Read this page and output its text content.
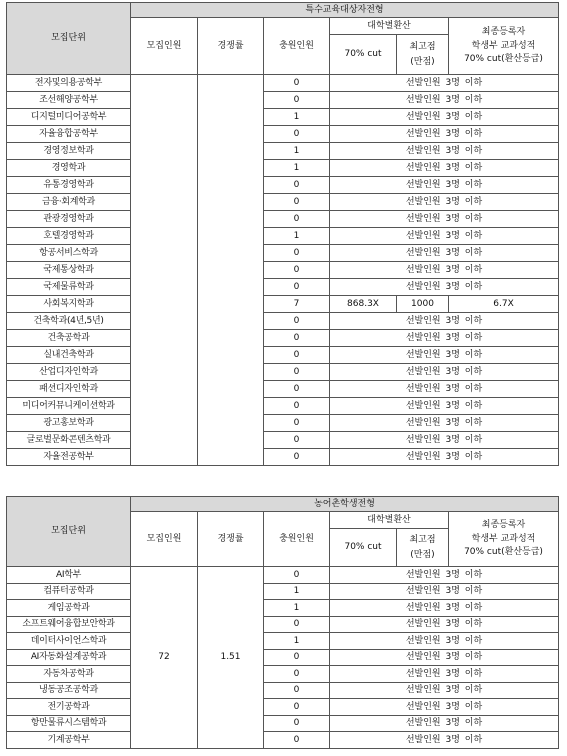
모집단위	특수교육대상자전형					
	모집인원	경쟁률	충원인원	대학별환산		최종등록자
학생부 교과성적
70% cut(환산등급)

				70% cut	최고점
(만점)	

전자및의용공학부			0	선발인원 3명 이하		
조선해양공학부			0	선발인원 3명 이하		
디지털미디어공학부			1	선발인원 3명 이하		
자율융합공학부			0	선발인원 3명 이하		
경영정보학과			1	선발인원 3명 이하		
경영학과			1	선발인원 3명 이하		
유통경영학과			0	선발인원 3명 이하		
금융·회계학과			0	선발인원 3명 이하		
관광경영학과			0	선발인원 3명 이하		
호텔경영학과			1	선발인원 3명 이하		
항공서비스학과			0	선발인원 3명 이하		
국제통상학과			0	선발인원 3명 이하		
국제물류학과			0	선발인원 3명 이하		
사회복지학과			7	868.3X	1000	6.7X
건축학과(4년,5년)			0	선발인원 3명 이하		
건축공학과			0	선발인원 3명 이하		
실내건축학과			0	선발인원 3명 이하		
산업디자인학과			0	선발인원 3명 이하		
패션디자인학과			0	선발인원 3명 이하		
미디어커뮤니케이션학과			0	선발인원 3명 이하		
광고홍보학과			0	선발인원 3명 이하		
글로벌문화콘텐츠학과			0	선발인원 3명 이하		
자율전공학부			0	선발인원 3명 이하		
모집단위	농어촌학생전형					
	모집인원	경쟁률	충원인원	대학별환산		최종등록자
학생부 교과성적
70% cut(환산등급)

				70% cut	최고점
(만점)	

AI학부	72	1.51	0	선발인원 3명 이하		
컴퓨터공학과			1	선발인원 3명 이하		
게임공학과			1	선발인원 3명 이하		
소프트웨어융합보안학과			0	선발인원 3명 이하		
데이터사이언스학과			1	선발인원 3명 이하		
AI자동화설계공학과			0	선발인원 3명 이하		
자동차공학과			0	선발인원 3명 이하		
냉동공조공학과			0	선발인원 3명 이하		
전기공학과			0	선발인원 3명 이하		
항만물류시스템학과			0	선발인원 3명 이하		
기계공학부			0	선발인원 3명 이하		
